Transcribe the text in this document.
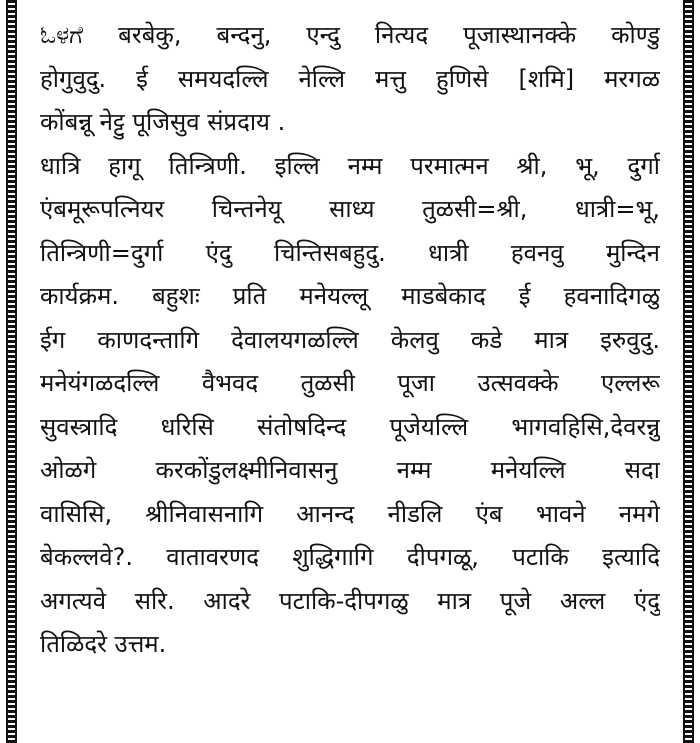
ಓಳಗೆ बरबेकु, बन्दनु, एन्दु नित्यद पूजास्थानक्के कोण्डु
होगुवुदु. ई समयदल्लि नेल्लि मत्तु हुणिसे [शमि] मरगळ
कोंबन्नू नेट्टु पूजिसुव संप्रदाय .
धात्रि हागू तिन्त्रिणी. इल्लि नम्म परमात्मन श्री, भू, दुर्गा
एंबमूरूपत्नियर चिन्तनेयू साध्य तुळसी=श्री, धात्री=भू,
तिन्त्रिणी=दुर्गा एंदु चिन्तिसबहुदु. धात्री हवनवु मुन्दिन
कार्यक्रम. बहुशः प्रति मनेयल्लू माडबेकाद ई हवनादिगळु
ईग काणदन्तागि देवालयगळल्लि केलवु कडे मात्र इरुवुदु.
मनेयंगळदल्लि वैभवद तुळसी पूजा उत्सवक्के एल्लरू
सुवस्त्रादि धरिसि संतोषदिन्द पूजेयल्लि भागवहिसि,देवरन्नु
ओळगे करकोंडुलक्ष्मीनिवासनु नम्म मनेयल्लि सदा
वासिसि, श्रीनिवासनागि आनन्द नीडलि एंब भावने नमगे
बेकल्लवे?. वातावरणद शुद्धिगागि दीपगळू, पटाकि इत्यादि
अगत्यवे सरि. आदरे पटाकि-दीपगळु मात्र पूजे अल्ल एंदु
तिळिदरे उत्तम.
